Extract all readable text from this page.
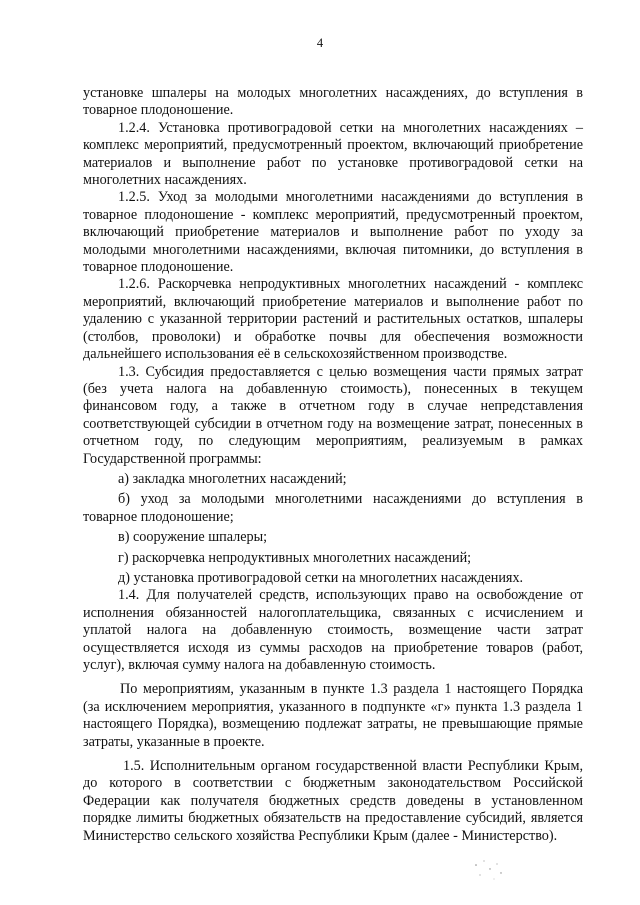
4

установке шпалеры на молодых многолетних насаждениях, до вступления в товарное плодоношение.

1.2.4. Установка противоградовой сетки на многолетних насаждениях – комплекс мероприятий, предусмотренный проектом, включающий приобретение материалов и выполнение работ по установке противоградовой сетки на многолетних насаждениях.

1.2.5. Уход за молодыми многолетними насаждениями до вступления в товарное плодоношение - комплекс мероприятий, предусмотренный проектом, включающий приобретение материалов и выполнение работ по уходу за молодыми многолетними насаждениями, включая питомники, до вступления в товарное плодоношение.

1.2.6. Раскорчевка непродуктивных многолетних насаждений - комплекс мероприятий, включающий приобретение материалов и выполнение работ по удалению с указанной территории растений и растительных остатков, шпалеры (столбов, проволоки) и обработке почвы для обеспечения возможности дальнейшего использования её в сельскохозяйственном производстве.

1.3. Субсидия предоставляется с целью возмещения части прямых затрат (без учета налога на добавленную стоимость), понесенных в текущем финансовом году, а также в отчетном году в случае непредставления соответствующей субсидии в отчетном году на возмещение затрат, понесенных в отчетном году, по следующим мероприятиям, реализуемым в рамках Государственной программы:

а) закладка многолетних насаждений;

б) уход за молодыми многолетними насаждениями до вступления в товарное плодоношение;

в) сооружение шпалеры;

г) раскорчевка непродуктивных многолетних насаждений;

д) установка противоградовой сетки на многолетних насаждениях.

1.4. Для получателей средств, использующих право на освобождение от исполнения обязанностей налогоплательщика, связанных с исчислением и уплатой налога на добавленную стоимость, возмещение части затрат осуществляется исходя из суммы расходов на приобретение товаров (работ, услуг), включая сумму налога на добавленную стоимость.

По мероприятиям, указанным в пункте 1.3 раздела 1 настоящего Порядка (за исключением мероприятия, указанного в подпункте «г» пункта 1.3 раздела 1 настоящего Порядка), возмещению подлежат затраты, не превышающие прямые затраты, указанные в проекте.

1.5. Исполнительным органом государственной власти Республики Крым, до которого в соответствии с бюджетным законодательством Российской Федерации как получателя бюджетных средств доведены в установленном порядке лимиты бюджетных обязательств на предоставление субсидий, является Министерство сельского хозяйства Республики Крым (далее - Министерство).
